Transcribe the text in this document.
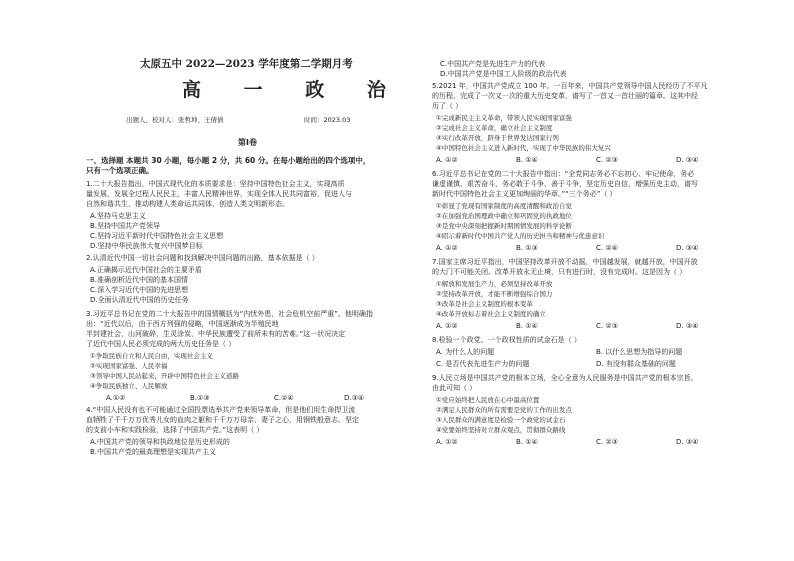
太原五中 2022—2023 学年度第二学期月考
高 一 政 治
出题人、校对人：张哲坤、王倩倩	时间：2023.03
第Ⅰ卷
一、选择题 本题共 30 小题，每小题 2 分，共 60 分。在每小题给出的四个选项中，
只有一个选项正确。
1.二十大报告指出，中国式现代化的本质要求是：坚持中国特色社会主义，实现高质
量发展，发展全过程人民民主，丰富人民精神世界，实现全体人民共同富裕，促进人与
自然和谐共生，推动构建人类命运共同体，创造人类文明新形态。
A.坚持马克思主义
B.坚持中国共产党领导
C.坚持习近平新时代中国特色社会主义思想
D.坚持中华民族伟大复兴中国梦目标
2.认清近代中国一切社会问题和找到解决中国问题的出路，基本依据是（ ）
A.正确揭示近代中国社会的主要矛盾
B.准确剖析近代中国的基本国情
C.深入学习近代中国的先进思想
D.全面认清近代中国的历史任务
3.习近平总书记在党的二十大报告中的国情概括为“内忧外患，社会危机空前严重”。他明确指
出：“近代以后，由于西方列强的侵略，中国逐渐成为半殖民地
半封建社会，山河破碎，生灵涂炭，中华民族遭受了前所未有的苦难。”这一状况决定
了近代中国人民必须完成的两大历史任务是（ ）
①争取民族自立和人民自由，实现社会主义
②实现国家富强、人民幸福
③领导中国人民站起来，开辟中国特色社会主义道路
④争取民族独立、人民解放
A.①②	B.①③	C.②④	D.③④
4.“中国人民没有也不可能通过全国投票选举共产党来领导革命，但是他们用生命捍卫流
血牺牲了千千万万优秀儿女的血肉之躯和千千万万母亲、妻子之心，用钢铁般意志、坚定
的支前小车和实践检验，选择了中国共产党。”这表明（ ）
A.中国共产党的领导和执政地位是历史形成的
B.中国共产党的最高理想是实现共产主义
C.中国共产党是先进生产力的代表
D.中国共产党是中国工人阶级的政治代表
5.2021 年，中国共产党成立 100 年。一百年来，中国共产党领导中国人民经历了不平凡
的历程，完成了一次又一次的重大历史变革，谱写了一首又一首壮丽的篇章。这其中经
历了（ ）
①完成新民主主义革命，带领人民实现国家富强
②完成社会主义革命，确立社会主义制度
③实行改革开放，跻身于世界发达国家行列
④中国特色社会主义进入新时代，实现了中华民族的伟大复兴
A. ①②	B. ①④	C. ②③	D. ③④
6.习近平总书记在党的二十大报告中指出：“全党同志务必不忘初心、牢记使命，务必
谦虚谨慎、艰苦奋斗，务必敢于斗争、善于斗争，坚定历史自信，增强历史主动，谱写
新时代中国特色社会主义更加绚丽的华章。”“三个务必”（ ）
①彰显了党现有国家制度的高度清醒和政治自觉
②在加强党治国理政中确立和巩固党的执政地位
③是党中央深刻把握新时期国情发展的科学论断
④昭示着新时代中国共产党人的历史担当和精神与优患意识
A. ①②	B. ①③	C. ②④	D. ③④
7.国家主席习近平指出，中国坚持改革开放不动摇，中国越发展，就越开放，中国开放
的大门不可能关闭。改革开放永无止境，只有进行时，没有完成时。这是因为（ ）
①解放和发展生产力，必须坚持改革开放
②坚持改革开放，才能不断增强综合国力
③改革是社会主义制度的根本变革
④改革开放标志着社会主义制度的确立
A. ①②	B. ①④	C. ②③	D. ③④
8.检验一个政党、一个政权性质的试金石是（ ）
A. 为什么人的问题	B. 以什么思想为指导的问题
C. 是否代表先进生产力的问题	D. 有没有群众基础的问题
9.人民立场是中国共产党的根本立场，全心全意为人民服务是中国共产党的根本宗旨。
由此可知（ ）
①党应始终把人民放在心中最高位置
②满足人民群众的所有需要是党的工作的出发点
③人民群众的满意度是检验一个政党的试金石
④党要始终坚持对立群众观点，贯彻群众路线
A. ①②	B. ①④	C. ②③	D. ③④
